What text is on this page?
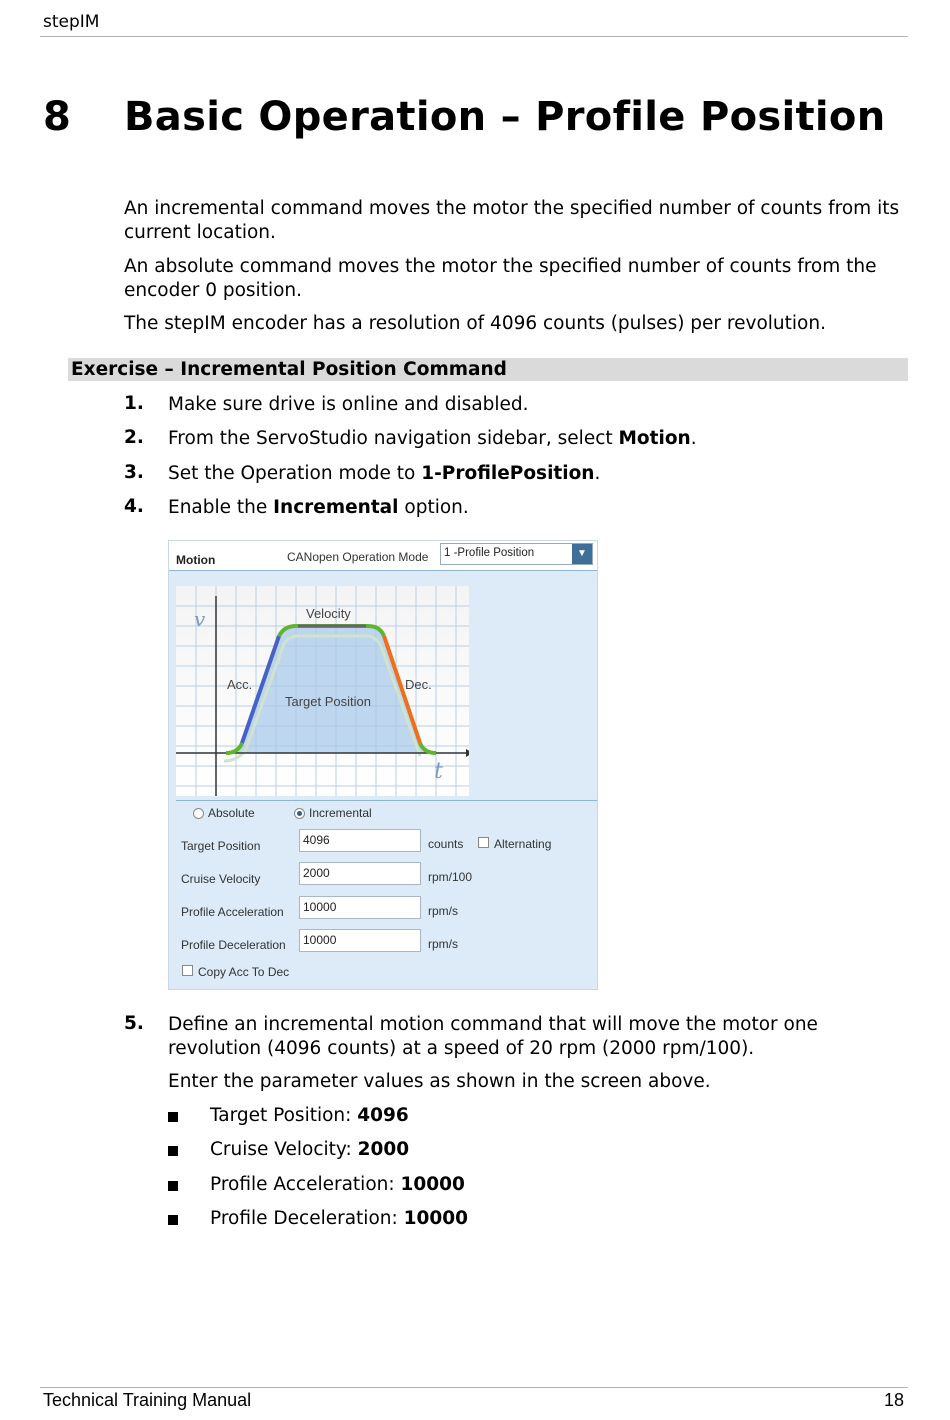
stepIM
8 Basic Operation – Profile Position
An incremental command moves the motor the specified number of counts from its current location.
An absolute command moves the motor the specified number of counts from the encoder 0 position.
The stepIM encoder has a resolution of 4096 counts (pulses) per revolution.
Exercise – Incremental Position Command
1. Make sure drive is online and disabled.
2. From the ServoStudio navigation sidebar, select Motion.
3. Set the Operation mode to 1-ProfilePosition.
4. Enable the Incremental option.
Motion	CANopen Operation Mode 1 -Profile Position	▼
v
t
Velocity
Acc.	Dec.
Target Position
Absolute	Incremental
Target Position	4096	counts	Alternating
Cruise Velocity	2000	rpm/100
Profile Acceleration	10000	rpm/s
Profile Deceleration	10000	rpm/s
Copy Acc To Dec
5. Define an incremental motion command that will move the motor one revolution (4096 counts) at a speed of 20 rpm (2000 rpm/100).
Enter the parameter values as shown in the screen above.
Target Position: 4096
Cruise Velocity: 2000
Profile Acceleration: 10000
Profile Deceleration: 10000
Technical Training Manual	18
